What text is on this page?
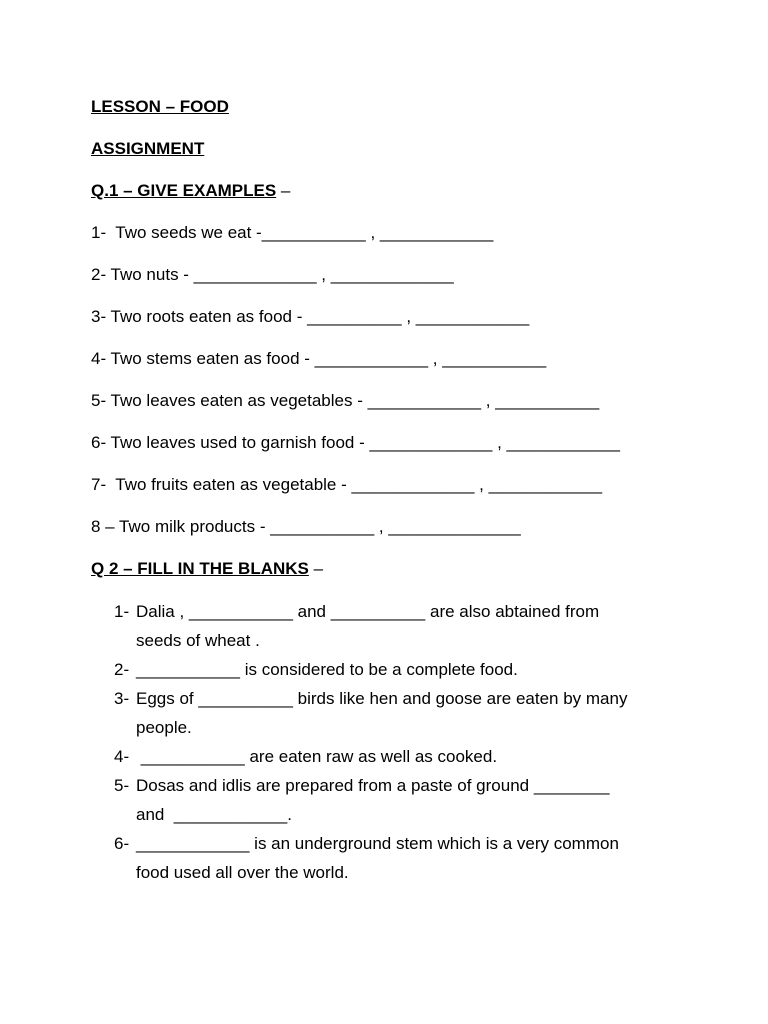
LESSON – FOOD
ASSIGNMENT
Q.1 – GIVE EXAMPLES –
1-  Two seeds we eat -___________ , ____________
2- Two nuts - _____________ , _____________
3- Two roots eaten as food - __________ , ____________
4- Two stems eaten as food - ____________ , ___________
5- Two leaves eaten as vegetables - ____________ , ___________
6- Two leaves used to garnish food - _____________ , ____________
7-  Two fruits eaten as vegetable - _____________ , ____________
8 – Two milk products - ___________ , ______________
Q 2 – FILL IN THE BLANKS –
1- Dalia , ___________ and __________ are also abtained from
seeds of wheat .
2- ___________ is considered to be a complete food.
3- Eggs of __________ birds like hen and goose are eaten by many
people.
4- ___________ are eaten raw as well as cooked.
5- Dosas and idlis are prepared from a paste of ground ________
and  ____________.
6- ____________ is an underground stem which is a very common
food used all over the world.
